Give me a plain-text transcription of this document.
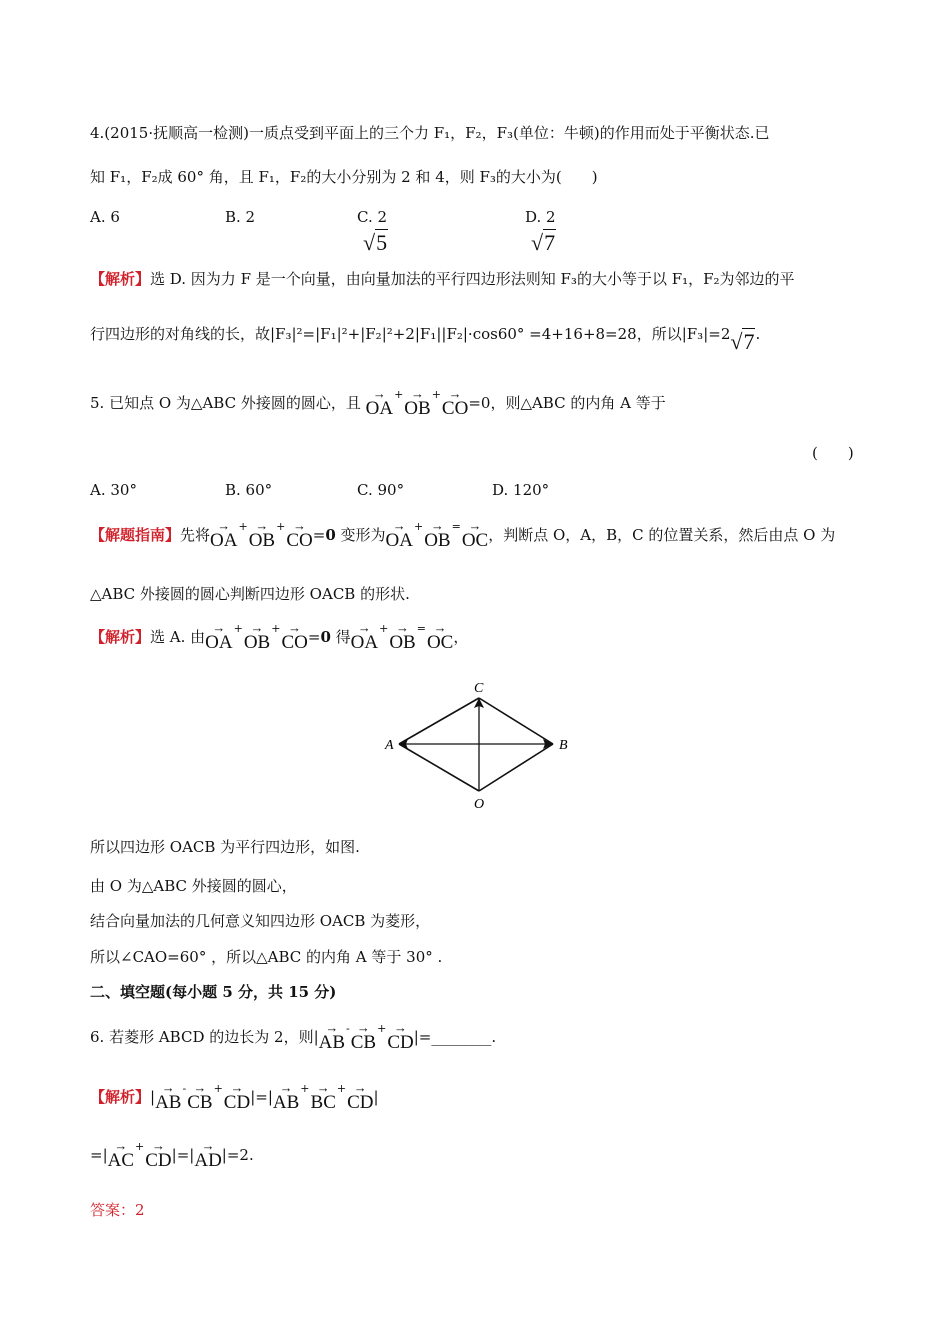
4.(2015·抚顺高一检测)一质点受到平面上的三个力 F₁，F₂，F₃(单位：牛顿)的作用而处于平衡状态.已
知 F₁，F₂成 60° 角，且 F₁，F₂的大小分别为 2 和 4，则 F₃的大小为(　　)
A. 6	B. 2	C. 2
√5
D. 2
√7
【解析】选 D. 因为力 F 是一个向量，由向量加法的平行四边形法则知 F₃的大小等于以 F₁，F₂为邻边的平
行四边形的对角线的长，故|F₃|²=|F₁|²+|F₂|²+2|F₁||F₂|·cos60° =4+16+8=28，所以|F₃|=2√7.
5. 已知点 O 为△ABC 外接圆的圆心，且
→
OA+ →
OB+ →
CO=0，则△ABC 的内角 A 等于
(　　)
A. 30°	B. 60°	C. 90°	D. 120°
【解题指南】先将
→
OA+ →
OB+ →
CO=0 变形为
→
OA+ →
OB= →
OC，判断点 O，A，B，C 的位置关系，然后由点 O 为
△ABC 外接圆的圆心判断四边形 OACB 的形状.
【解析】选 A. 由
→
OA+ →
OB+ →
CO=0 得
→
OA+ →
OB= →
OC，
C
A	B
O
所以四边形 OACB 为平行四边形，如图.
由 O 为△ABC 外接圆的圆心，
结合向量加法的几何意义知四边形 OACB 为菱形，
所以∠CAO=60° ，所以△ABC 的内角 A 等于 30° .
二、填空题(每小题 5 分，共 15 分)
6. 若菱形 ABCD 的边长为 2，则|
→
AB- →
CB+ →
CD|=________.
【解析】|
→
AB- →
CB+ →
CD|=|
→
AB+ →
BC+ →
CD|
=|
→
AC+ →
CD|=|
→
AD|=2.
答案：2
